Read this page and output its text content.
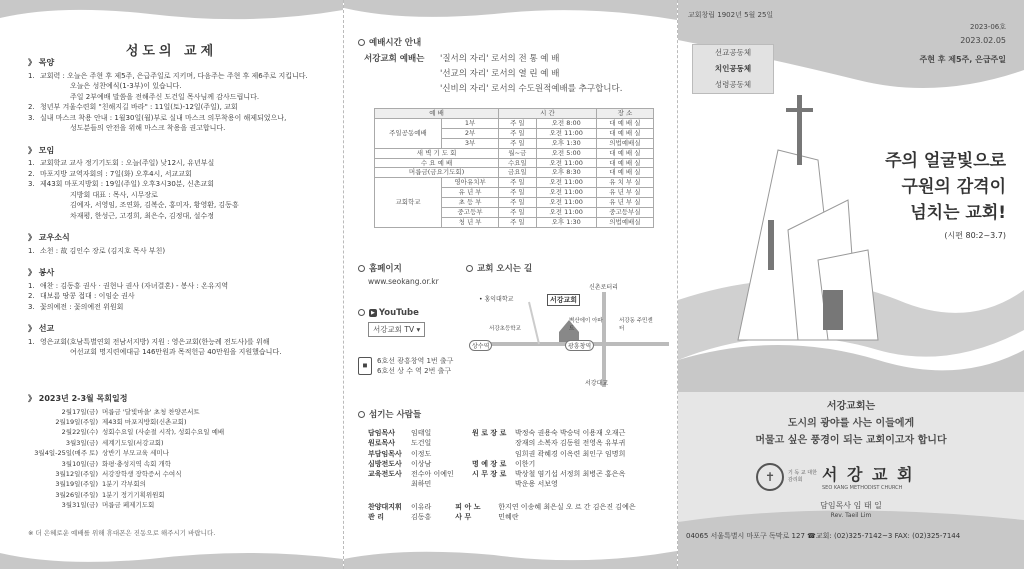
성도의 교제
》 목양
1. 교회력 : 오늘은 주현 후 제5주, 은급주일로 지키며, 다음주는 주현 후 제6주로 지킵니다.
오늘은 성찬예식(1-3부)이 있습니다.
주일 2부예배 말씀을 전해주신 도건일 목사님께 감사드립니다.
2. 청년부 겨울수련회 "친해지길 바라" : 11일(토)-12일(주일), 교회
3. 실내 마스크 착용 안내 : 1월30일(월)부로 실내 마스크 의무착용이 해제되었으나,
성도분들의 안전을 위해 마스크 착용을 권고합니다.
》 모임
1. 교회학교 교사 정기기도회 : 오늘(주일) 낮12시, 유년부실
2. 마포지방 교역자회의 : 7일(화) 오후4시, 서교교회
3. 제43회 마포지방회 : 19일(주일) 오후3시30분, 신촌교회
지방회 대표 : 목사, 시무장로
김예자, 서영임, 조연화, 김복순, 홍미자, 황영환, 김동흥
차재평, 한성근, 고경희, 최은수, 김정대, 설수정
》 교우소식
1. 소천 : 故 김인수 장로 (김지호 목사 부친)
》 봉사
1. 애찬 : 김동흥 권사 · 권현나 권사 (자녀결혼) - 봉사 : 온유지역
2. 대보름 땅콩 접대 : 이임순 권사
3. 꽃의예전 : 꽃의예전 위원회
》 선교
1. 영은교회(호남특별연회 전남서지방) 지원 : 영은교회(한능례 전도사)를 위해
여선교회 명지련예대금 146만원과 목적헌금 40만원을 지원했습니다.
》 2023년 2-3월 목회일정
2월17일(금) 머릅금 '달빛마을' 초청 찬양콘서트
2월19일(주일) 제43회 마포지방회(신촌교회)
2월22일(수) 성회수요일 (사순절 시작), 성회수요일 예배
3월3일(금) 세계기도일(서강교회)
3월4일-25일(매주 토) 상반기 부모교육 세미나
3월10일(금) 화평·충성지역 속회 개학
3월12일(주일) 서강장학생 장학증서 수여식
3월19일(주일) 1분기 각부회의
3월26일(주일) 1분기 정기기획위원회
3월31일(금) 머릅금 페제기도회
※ 더 은혜로운 예배를 위해 휴대폰은 진동으로 해주시기 바랍니다.
예배시간 안내
서강교회 예배는	'질서의 자리' 로서의 전 통 예 배
'선교의 자리' 로서의 열 린 예 배
'신비의 자리' 로서의 수도원적예배를 추구합니다.
예 배		시 간		장 소
주일공동예배	1부	주 일	오전 8:00	대 예 배 실
	2부	주 일	오전 11:00	대 예 배 실
	3부	주 일	오후 1:30	의법예배실
새 벽 기 도 회		월~금	오전 5:00	대 예 배 실
수 요 예 배		수요일	오전 11:00	대 예 배 실
머릅금(금요기도회)		금요일	오후 8:30	대 예 배 실
교회학교	영아유치부	주 일	오전 11:00	유 치 부 실
	유 년 부	주 일	오전 11:00	유 년 부 실
	초 등 부	주 일	오전 11:00	유 년 부 실
	중고등부	주 일	오전 11:00	중고등부실
	청 년 부	주 일	오후 1:30	의법예배실
홈페이지
www.seokang.or.kr
▶ YouTube
서강교회 TV ▾
◼
6호선 광흥창역 1번 출구
6호선 상 수 역 2번 출구
교회 오시는 길
신촌로터리
• 홍익대학교	서강교회
서강초등학교
벽산에이 아파트
서강동 주민센터
상수역	광흥창역
서강대교
섬기는 사람들
담임목사 임태일
원로목사 도건일
부담임목사 이정도
심방전도사 이상남
교육전도사 전수아 이예인
최하민
원 로 장 로 박정숙 권용숙 박승덕 이용재 오재근
장재의 소복자 김동원 전영옥 유부귀
임희권 곽혜경 이옥련 최인구 임명희
명 예 장 로 이한기
시 무 장 로 박상철 염기섭 서정희 최병곤 홍은옥
박운용 서보영
찬양대지휘 이유라	피 아 노	한지연 이송혜 최은실 오 르 간 김은진 김예은
관 리	김동흥	사 무	민혜란
교회창립 1902년 5월 25일
2023-06호
2023.02.05
주현 후 제5주, 은급주일
선교공동체
치인공동체
성령공동체
주의 얼굴빛으로
구원의 감격이
넘치는 교회!
(시편 80:2~3.7)
서강교회는
도시의 광야를 사는 이들에게
머물고 싶은 풍경이 되는 교회이고자 합니다
✝	기 독 교 대한감리회	서 강 교 회
SEO KANG METHODIST CHURCH
담임목사 임 태 일
Rev. Taeil Lim
04065 서울특별시 마포구 독막로 127 ☎교회: (02)325-7142~3 FAX: (02)325-7144
